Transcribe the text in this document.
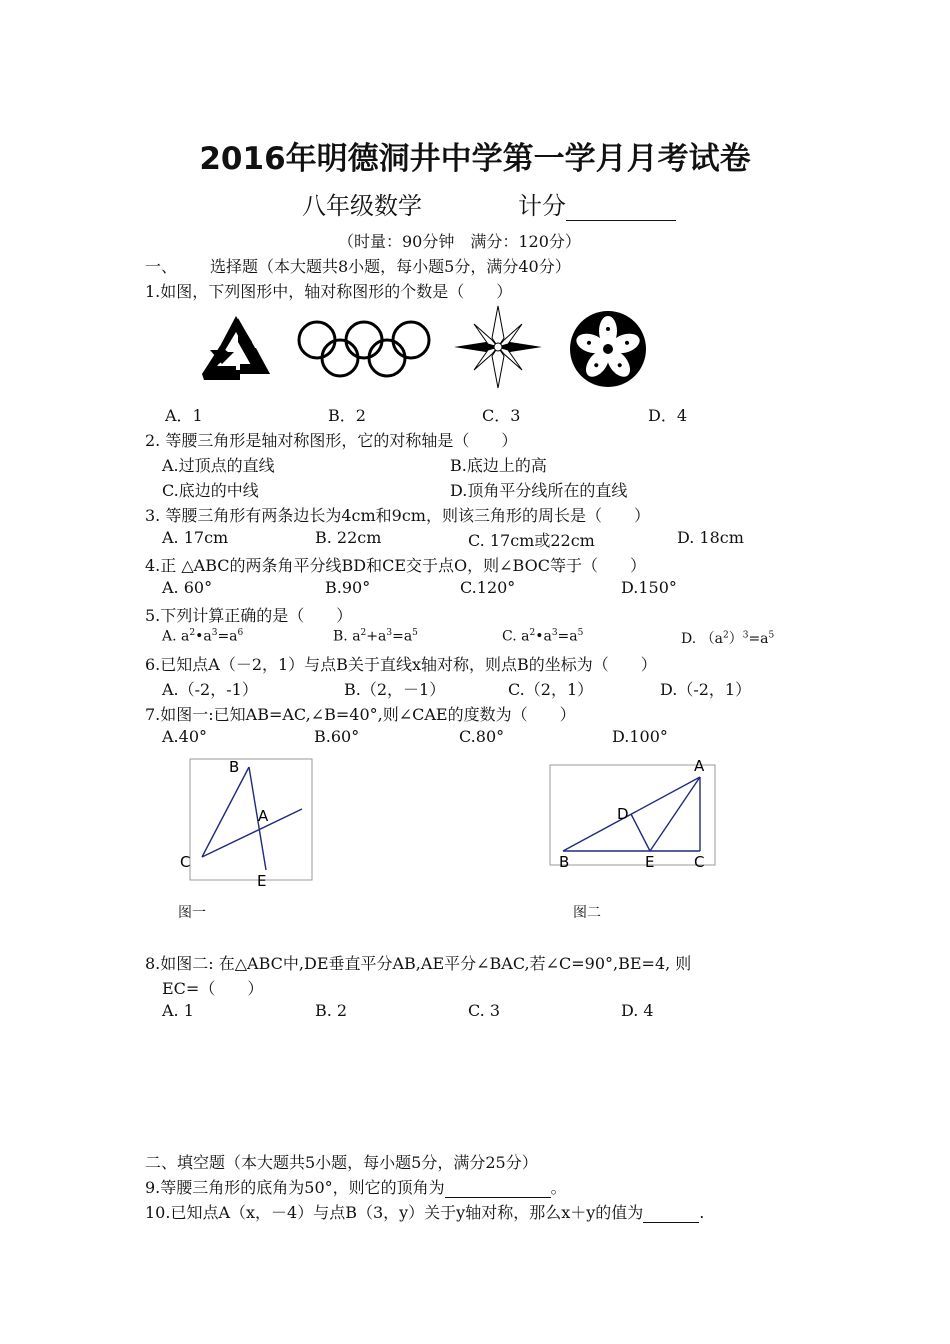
2016年明德洞井中学第一学月月考试卷
八年级数学	计分
（时量：90分钟　满分：120分）
一、 选择题（本大题共8小题，每小题5分，满分40分）
1.如图，下列图形中，轴对称图形的个数是（　　）
A．1	B．2	C．3	D．4
2. 等腰三角形是轴对称图形，它的对称轴是（　　）
A.过顶点的直线	B.底边上的高
C.底边的中线	D.顶角平分线所在的直线
3. 等腰三角形有两条边长为4cm和9cm，则该三角形的周长是（　　）
A. 17cm	B. 22cm	C. 17cm或22cm	D. 18cm
4.正 △ABC的两条角平分线BD和CE交于点O，则∠BOC等于（　　）
A. 60°	B.90°	C.120°	D.150°
5.下列计算正确的是（　　）
A. $a^2•a^3=a^6$	B. $a^2+a^3=a^5$	C. $a^2•a^3=a^5$	D. $(a^2)^3=a^5$
6.已知点A（－2，1）与点B关于直线x轴对称，则点B的坐标为（　　）
A.（-2，-1）	B.（2，－1）	C.（2，1）	D.（-2，1）
7.如图一:已知AB=AC,∠B=40°,则∠CAE的度数为（　　）
A.40°	B.60°	C.80°	D.100°
B
A
C
E
图一
A
D
B	E	C
图二
8.如图二: 在△ABC中,DE垂直平分AB,AE平分∠BAC,若∠C=90°,BE=4, 则
EC=（　　）
A. 1	B. 2	C. 3	D. 4
二、填空题（本大题共5小题，每小题5分，满分25分）
9.等腰三角形的底角为50°，则它的顶角为	。
10.已知点A（x，－4）与点B（3，y）关于y轴对称，那么x＋y的值为	.
